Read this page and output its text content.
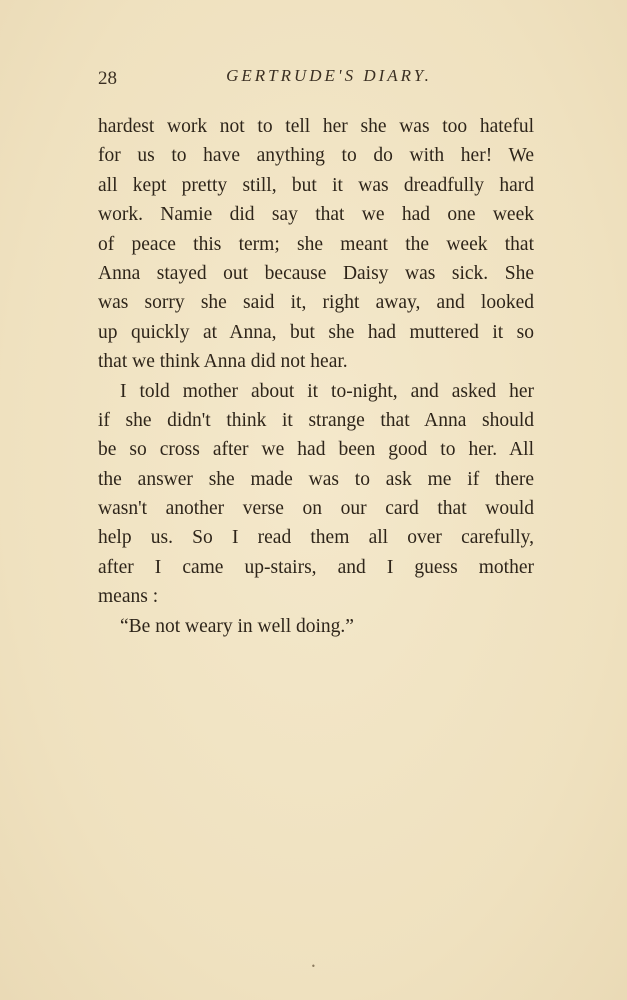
28	GERTRUDE'S DIARY.
hardest work not to tell her she was too hateful
for us to have anything to do with her! We
all kept pretty still, but it was dreadfully hard
work. Namie did say that we had one week
of peace this term; she meant the week that
Anna stayed out because Daisy was sick. She
was sorry she said it, right away, and looked
up quickly at Anna, but she had muttered it so
that we think Anna did not hear.
I told mother about it to-night, and asked her
if she didn't think it strange that Anna should
be so cross after we had been good to her. All
the answer she made was to ask me if there
wasn't another verse on our card that would
help us. So I read them all over carefully,
after I came up-stairs, and I guess mother
means :
“Be not weary in well doing.”
•
